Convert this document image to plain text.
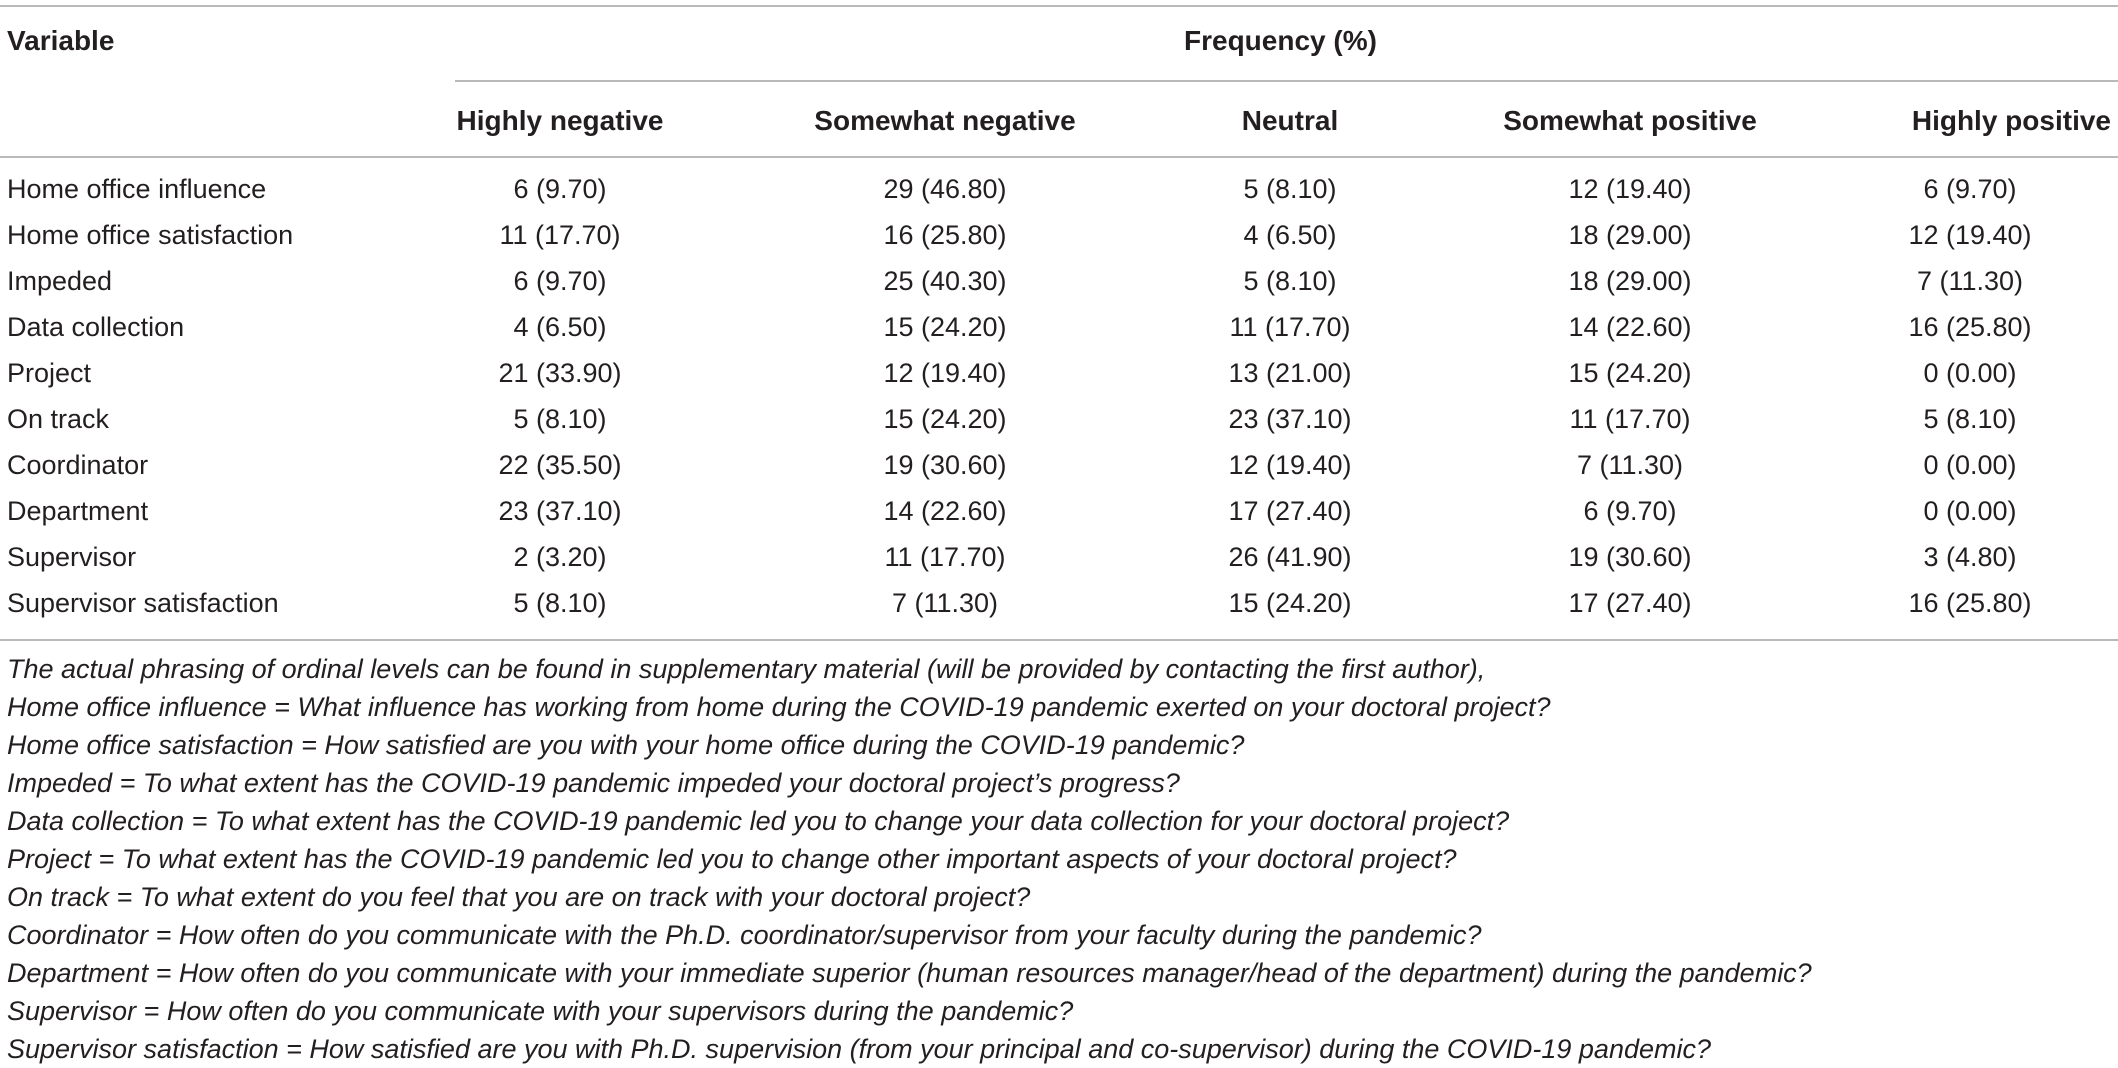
Variable	Frequency (%)
Highly negative	Somewhat negative	Neutral	Somewhat positive	Highly positive
Home office influence	6 (9.70)	29 (46.80)	5 (8.10)	12 (19.40)	6 (9.70)
Home office satisfaction	11 (17.70)	16 (25.80)	4 (6.50)	18 (29.00)	12 (19.40)
Impeded	6 (9.70)	25 (40.30)	5 (8.10)	18 (29.00)	7 (11.30)
Data collection	4 (6.50)	15 (24.20)	11 (17.70)	14 (22.60)	16 (25.80)
Project	21 (33.90)	12 (19.40)	13 (21.00)	15 (24.20)	0 (0.00)
On track	5 (8.10)	15 (24.20)	23 (37.10)	11 (17.70)	5 (8.10)
Coordinator	22 (35.50)	19 (30.60)	12 (19.40)	7 (11.30)	0 (0.00)
Department	23 (37.10)	14 (22.60)	17 (27.40)	6 (9.70)	0 (0.00)
Supervisor	2 (3.20)	11 (17.70)	26 (41.90)	19 (30.60)	3 (4.80)
Supervisor satisfaction	5 (8.10)	7 (11.30)	15 (24.20)	17 (27.40)	16 (25.80)
The actual phrasing of ordinal levels can be found in supplementary material (will be provided by contacting the first author),
Home office influence = What influence has working from home during the COVID-19 pandemic exerted on your doctoral project?
Home office satisfaction = How satisfied are you with your home office during the COVID-19 pandemic?
Impeded = To what extent has the COVID-19 pandemic impeded your doctoral project’s progress?
Data collection = To what extent has the COVID-19 pandemic led you to change your data collection for your doctoral project?
Project = To what extent has the COVID-19 pandemic led you to change other important aspects of your doctoral project?
On track = To what extent do you feel that you are on track with your doctoral project?
Coordinator = How often do you communicate with the Ph.D. coordinator/supervisor from your faculty during the pandemic?
Department = How often do you communicate with your immediate superior (human resources manager/head of the department) during the pandemic?
Supervisor = How often do you communicate with your supervisors during the pandemic?
Supervisor satisfaction = How satisfied are you with Ph.D. supervision (from your principal and co-supervisor) during the COVID-19 pandemic?
